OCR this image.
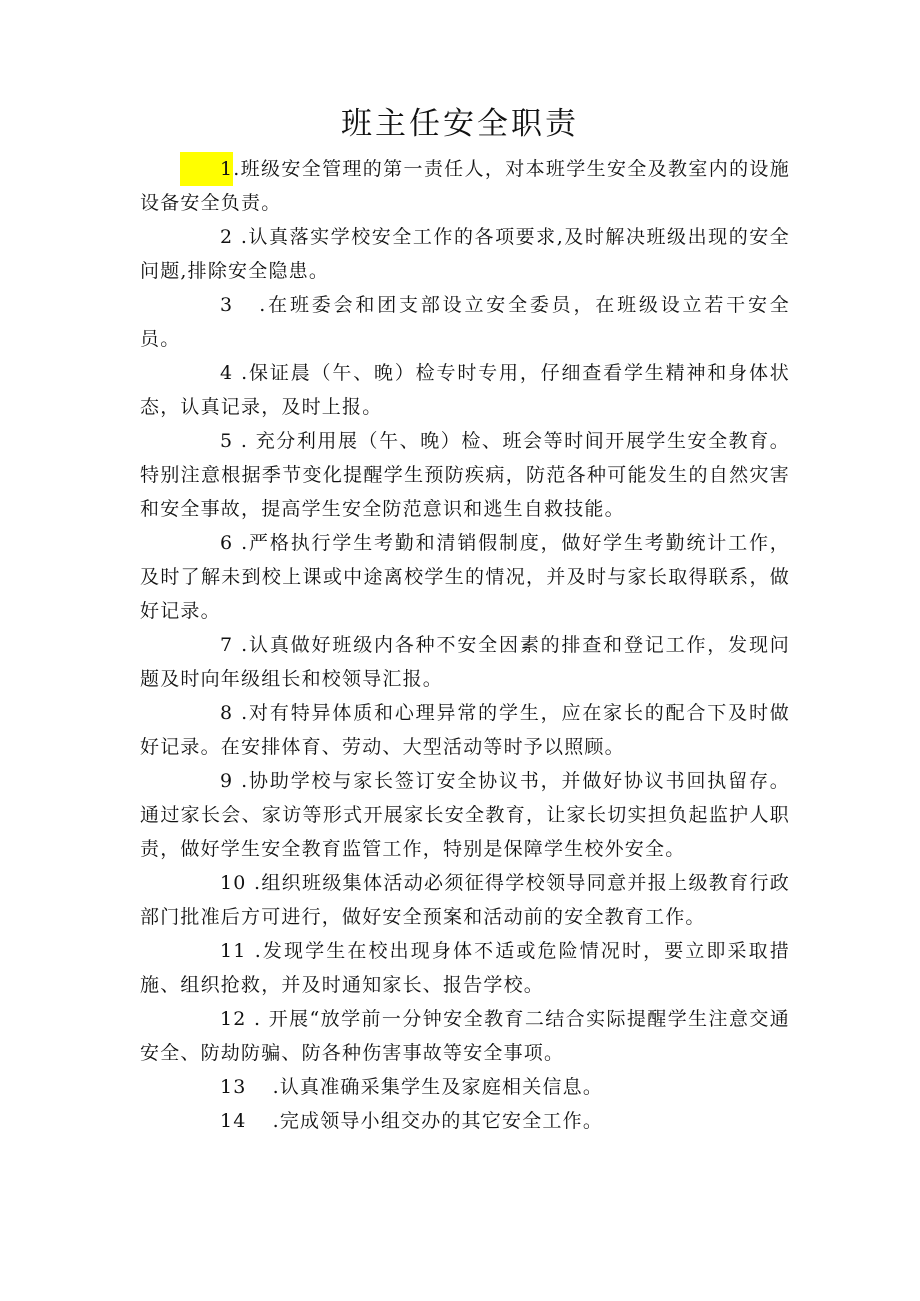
班主任安全职责

1.班级安全管理的第一责任人，对本班学生安全及教室内的设施设备安全负责。

2 .认真落实学校安全工作的各项要求,及时解决班级出现的安全问题,排除安全隐患。

3 .在班委会和团支部设立安全委员，在班级设立若干安全员。

4 .保证晨（午、晚）检专时专用，仔细查看学生精神和身体状态，认真记录，及时上报。

5 . 充分利用展（午、晚）检、班会等时间开展学生安全教育。特别注意根据季节变化提醒学生预防疾病，防范各种可能发生的自然灾害和安全事故，提高学生安全防范意识和逃生自救技能。

6 .严格执行学生考勤和清销假制度，做好学生考勤统计工作，及时了解未到校上课或中途离校学生的情况，并及时与家长取得联系，做好记录。

7 .认真做好班级内各种不安全因素的排查和登记工作，发现问题及时向年级组长和校领导汇报。

8 .对有特异体质和心理异常的学生，应在家长的配合下及时做好记录。在安排体育、劳动、大型活动等时予以照顾。

9 .协助学校与家长签订安全协议书，并做好协议书回执留存。通过家长会、家访等形式开展家长安全教育，让家长切实担负起监护人职责，做好学生安全教育监管工作，特别是保障学生校外安全。

10 .组织班级集体活动必须征得学校领导同意并报上级教育行政部门批准后方可进行，做好安全预案和活动前的安全教育工作。

11 .发现学生在校出现身体不适或危险情况时，要立即采取措施、组织抢救，并及时通知家长、报告学校。

12 . 开展“放学前一分钟安全教育二结合实际提醒学生注意交通安全、防劫防骗、防各种伤害事故等安全事项。

13 .认真准确采集学生及家庭相关信息。

14 .完成领导小组交办的其它安全工作。
